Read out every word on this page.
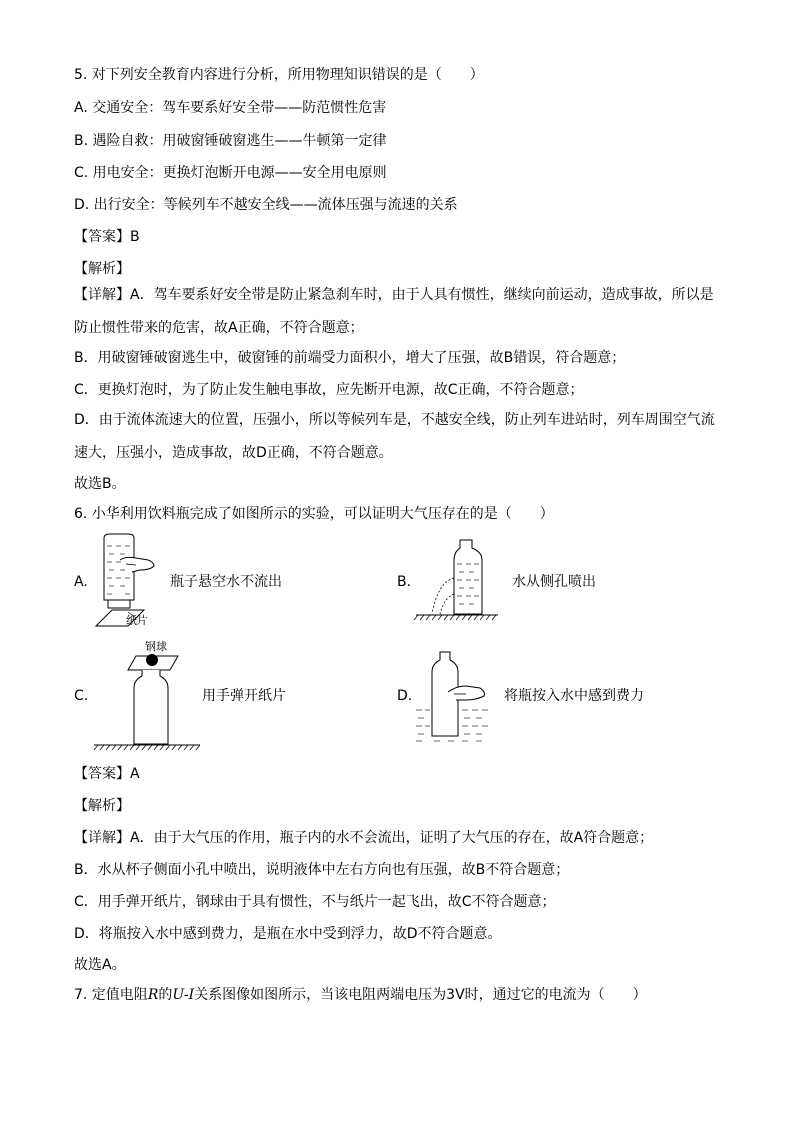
5. 对下列安全教育内容进行分析，所用物理知识错误的是（　　）
A. 交通安全：驾车要系好安全带——防范惯性危害
B. 遇险自救：用破窗锤破窗逃生——牛顿第一定律
C. 用电安全：更换灯泡断开电源——安全用电原则
D. 出行安全：等候列车不越安全线——流体压强与流速的关系
【答案】B
【解析】
【详解】A．驾车要系好安全带是防止紧急刹车时，由于人具有惯性，继续向前运动，造成事故，所以是防止惯性带来的危害，故A正确，不符合题意；
B．用破窗锤破窗逃生中，破窗锤的前端受力面积小，增大了压强，故B错误，符合题意；
C．更换灯泡时，为了防止发生触电事故，应先断开电源，故C正确，不符合题意；
D．由于流体流速大的位置，压强小，所以等候列车是，不越安全线，防止列车进站时，列车周围空气流速大，压强小，造成事故，故D正确，不符合题意。
故选B。
6. 小华利用饮料瓶完成了如图所示的实验，可以证明大气压存在的是（　　）
A.
纸片
瓶子悬空水不流出	B.	水从侧孔喷出
C.
钢球
用手弹开纸片	D.	将瓶按入水中感到费力
【答案】A
【解析】
【详解】A．由于大气压的作用，瓶子内的水不会流出，证明了大气压的存在，故A符合题意；
B．水从杯子侧面小孔中喷出，说明液体中左右方向也有压强，故B不符合题意；
C．用手弹开纸片，钢球由于具有惯性，不与纸片一起飞出，故C不符合题意；
D．将瓶按入水中感到费力，是瓶在水中受到浮力，故D不符合题意。
故选A。
7. 定值电阻R的U-I关系图像如图所示，当该电阻两端电压为3V时，通过它的电流为（　　）
